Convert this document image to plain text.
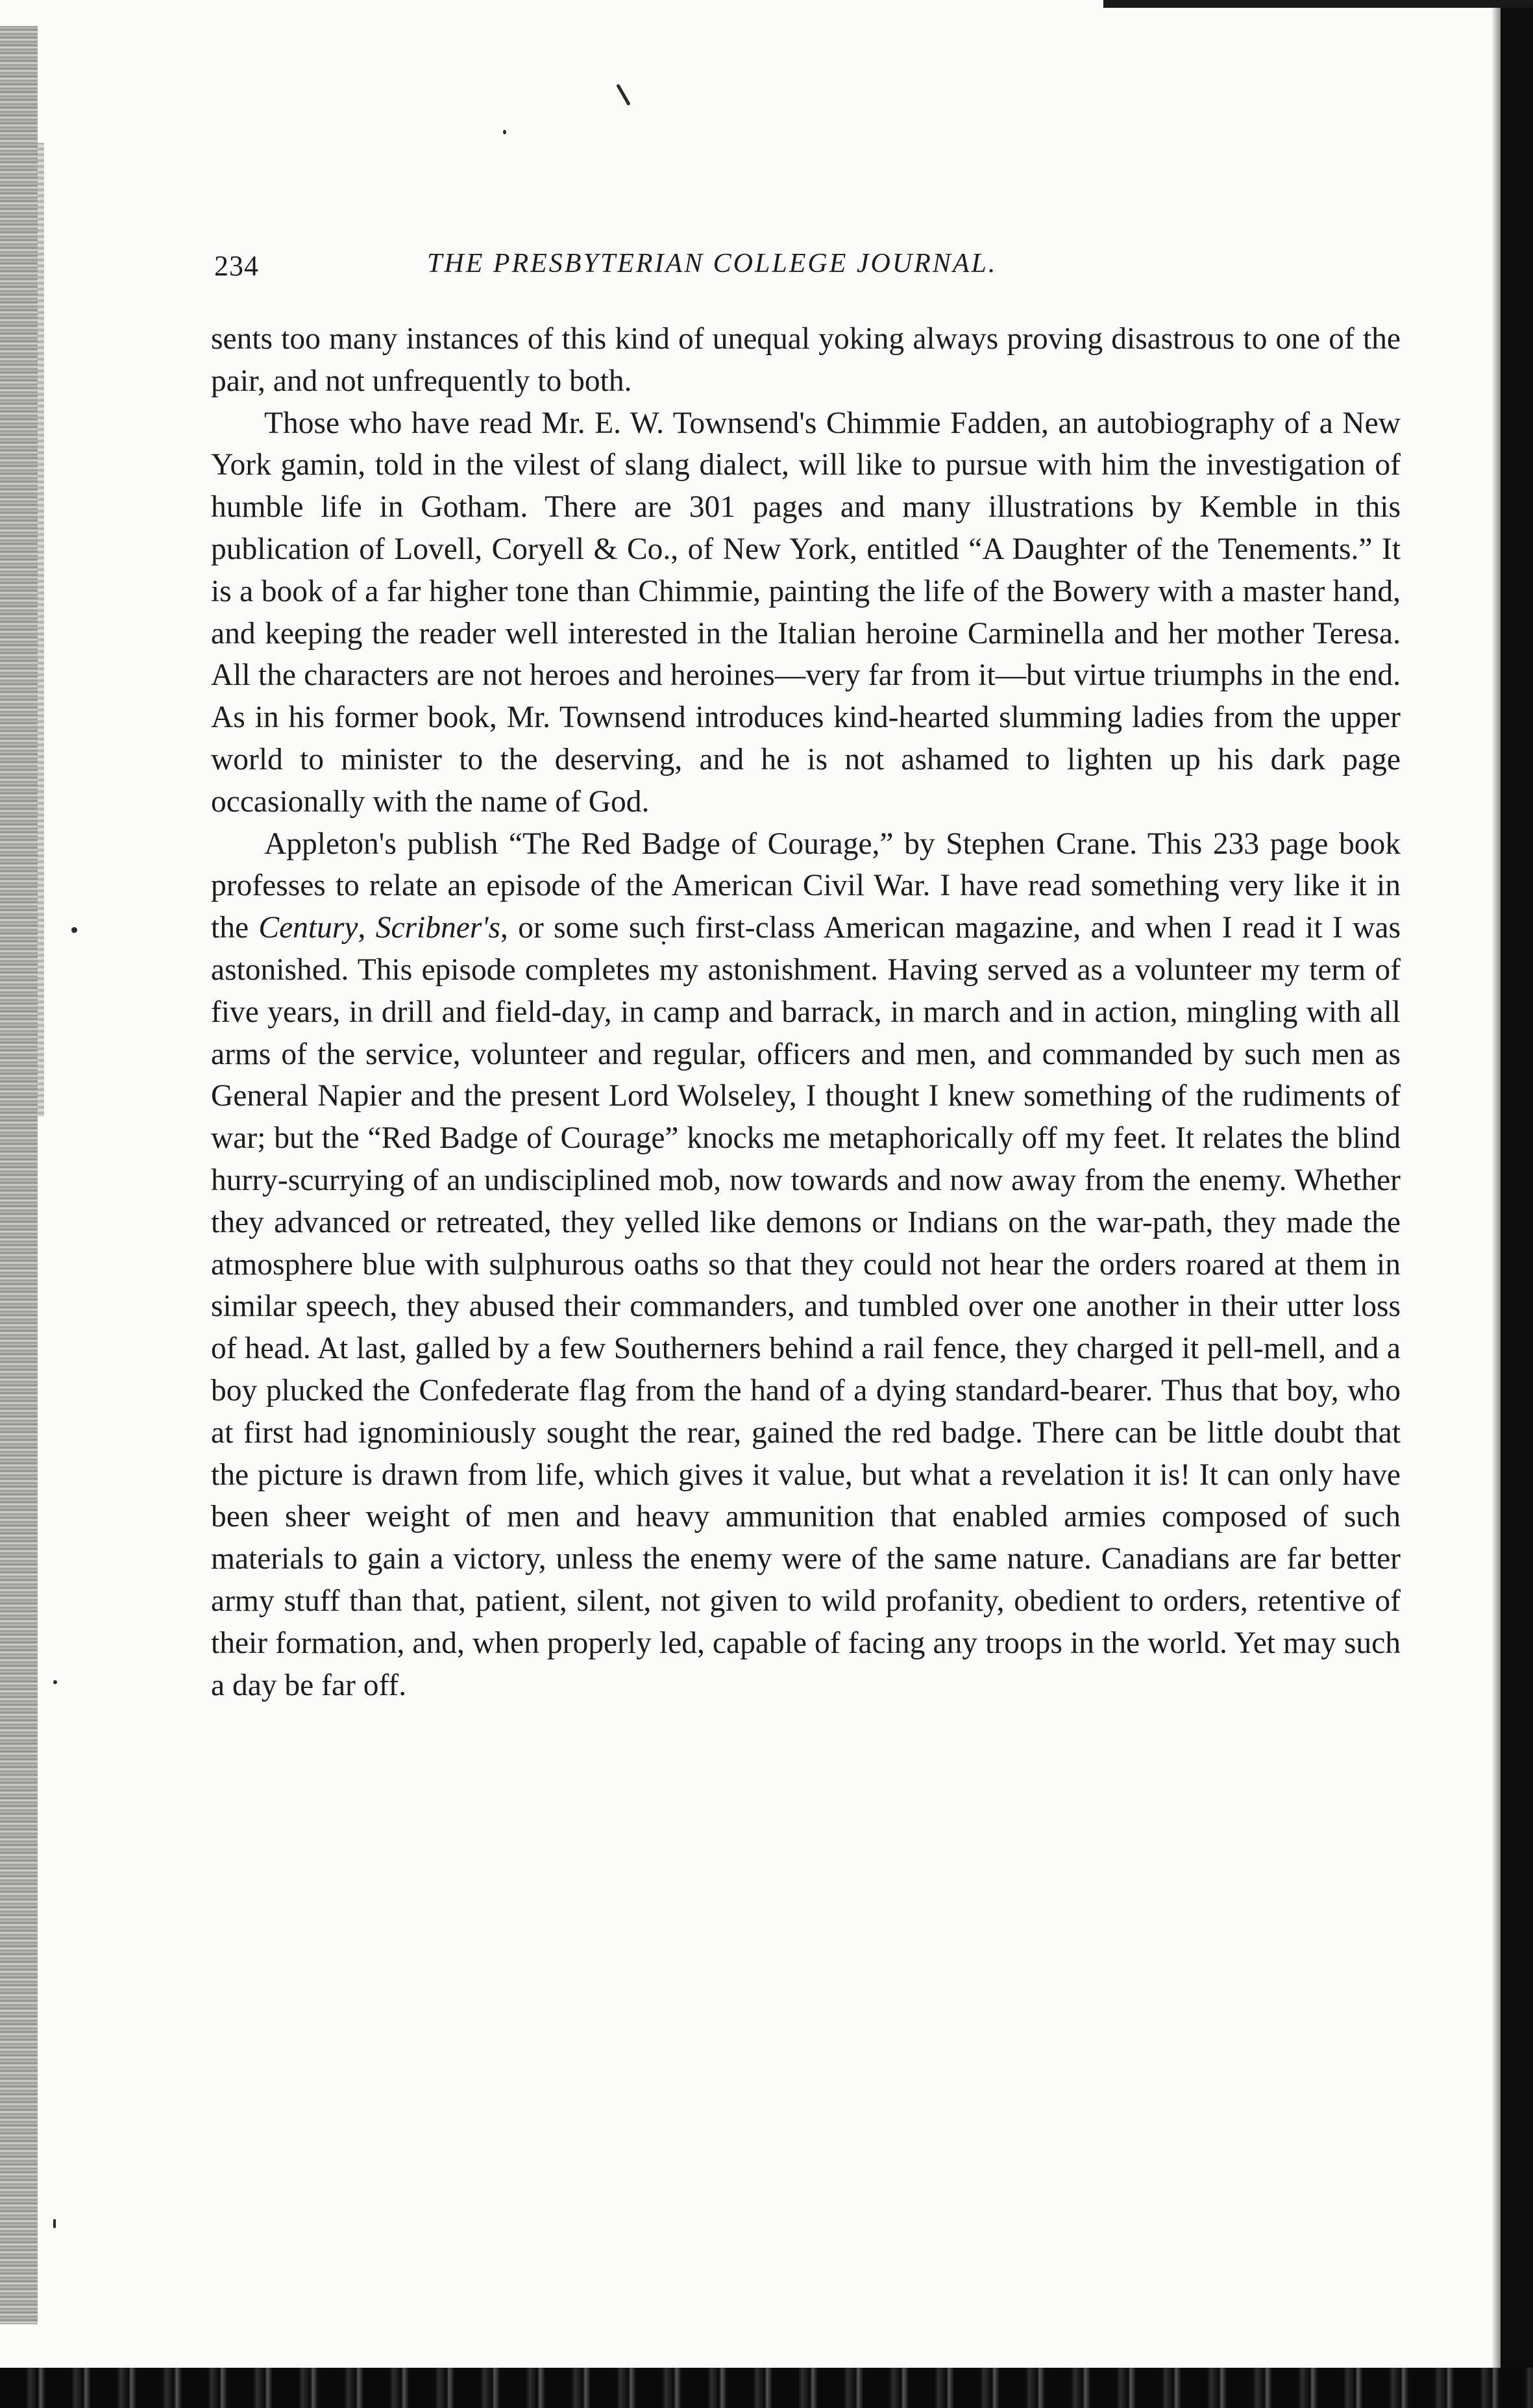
234	THE PRESBYTERIAN COLLEGE JOURNAL.

sents too many instances of this kind of unequal yoking always proving disastrous to one of the pair, and not unfrequently to both.

Those who have read Mr. E. W. Townsend's Chimmie Fadden, an autobiography of a New York gamin, told in the vilest of slang dialect, will like to pursue with him the investigation of humble life in Gotham. There are 301 pages and many illustrations by Kemble in this publication of Lovell, Coryell & Co., of New York, entitled “A Daughter of the Tenements.” It is a book of a far higher tone than Chimmie, painting the life of the Bowery with a master hand, and keeping the reader well interested in the Italian heroine Carminella and her mother Teresa. All the characters are not heroes and heroines—very far from it—but virtue triumphs in the end. As in his former book, Mr. Townsend introduces kind-hearted slumming ladies from the upper world to minister to the deserving, and he is not ashamed to lighten up his dark page occasionally with the name of God.

Appleton's publish “The Red Badge of Courage,” by Stephen Crane. This 233 page book professes to relate an episode of the American Civil War. I have read something very like it in the Century, Scribner's, or some such first-class American magazine, and when I read it I was astonished. This episode completes my astonishment. Having served as a volunteer my term of five years, in drill and field-day, in camp and barrack, in march and in action, mingling with all arms of the service, volunteer and regular, officers and men, and commanded by such men as General Napier and the present Lord Wolseley, I thought I knew something of the rudiments of war; but the “Red Badge of Courage” knocks me metaphorically off my feet. It relates the blind hurry-scurrying of an undisciplined mob, now towards and now away from the enemy. Whether they advanced or retreated, they yelled like demons or Indians on the war-path, they made the atmosphere blue with sulphurous oaths so that they could not hear the orders roared at them in similar speech, they abused their commanders, and tumbled over one another in their utter loss of head. At last, galled by a few Southerners behind a rail fence, they charged it pell-mell, and a boy plucked the Confederate flag from the hand of a dying standard-bearer. Thus that boy, who at first had ignominiously sought the rear, gained the red badge. There can be little doubt that the picture is drawn from life, which gives it value, but what a revelation it is! It can only have been sheer weight of men and heavy ammunition that enabled armies composed of such materials to gain a victory, unless the enemy were of the same nature. Canadians are far better army stuff than that, patient, silent, not given to wild profanity, obedient to orders, retentive of their formation, and, when properly led, capable of facing any troops in the world. Yet may such a day be far off.
